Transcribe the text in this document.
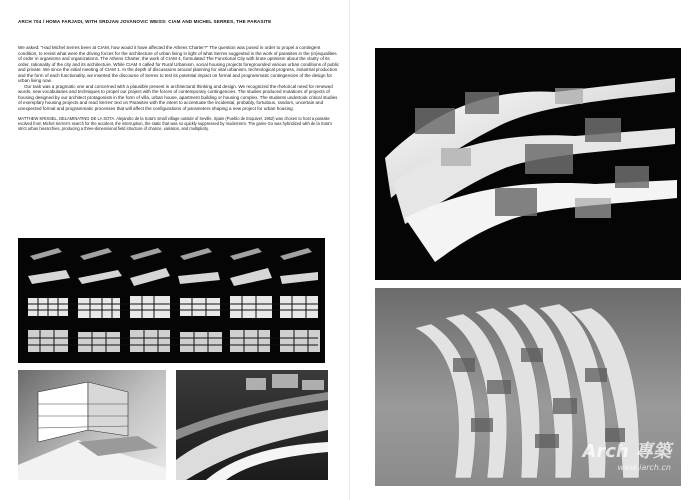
ARCH 704 / HOMA FARJADI, WITH SRDJAN JOVANOVIC WEISS: CIAM AND MICHEL SERRES, THE PARASITE

We asked: "Had Michel Serres been at CIAM, how would it have affected the Athens Charter?" The question was posed in order to propel a contingent condition, to revisit what were the driving forces for the architecture of urban living in light of what Serres suggested is the work of parasites in the (in)equalities of order in organisms and organizations. The Athens Charter, the work of CIAM 4, formulated The Functional City with brute optimism about the clarity of its order, rationality of the city and its architecture. While CIAM 4 called for Rural Urbanism, social housing projects foregrounded various urban conditions of public and private. We since the initial meeting of CIAM 1. In the depth of discussions around planning for vital urbanism, technological progress, industrial production and the form of each functionality, we inserted the discourse of Serres to test its potential impact on formal and programmatic contingencies of the design for urban living now.

Our task was a pragmatic one and concerned with a plausible present in architectural thinking and design. We recognized the rhetorical need for renewed words, new vocabularies and techniques to propel our project with the forces of contemporary contingencies. The studies produced mutations of projects of housing designed by our architect protagonists in the form of villa, urban house, apartment building or housing complex. The students undertook critical studies of exemplary housing projects and read Serres' text on Parasites with the intent to accentuate the incidental, probably, fortuitous, random, uncertain and unexpected formal and programmatic processes that will affect the configurations of parameters shaping a new project for urban housing.

MATTHEW KRISSEL, DELAMINATING DE LA SOTA. Alejandro de la Sota's small village outside of Seville, Spain (Pueblo de Esquivel, 1952) was chosen to host a parasite evolved from Michel Serres's search for the accident, the interruption, the static that was so quickly suppressed by modernism. The game Go was hybridized with de la Sota's strict urban hierarchies, producing a three-dimensional field structure of chance, variation, and multiplicity.

Arch 專築
www.iarch.cn
